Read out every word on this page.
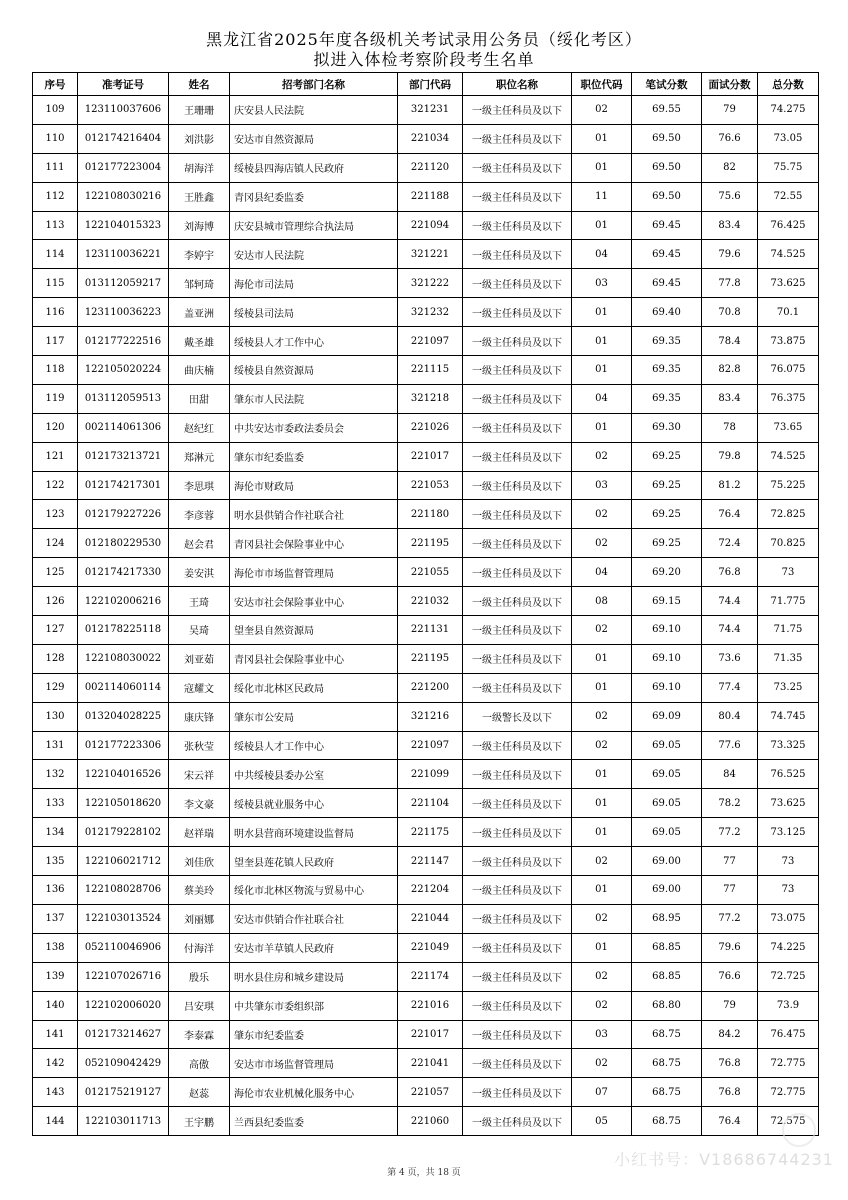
黑龙江省2025年度各级机关考试录用公务员（绥化考区）
拟进入体检考察阶段考生名单
序号	准考证号	姓名	招考部门名称	部门代码	职位名称	职位代码	笔试分数	面试分数	总分数
109	123110037606	王珊珊	庆安县人民法院	321231	一级主任科员及以下	02	69.55	79	74.275
110	012174216404	刘洪影	安达市自然资源局	221034	一级主任科员及以下	01	69.50	76.6	73.05
111	012177223004	胡海洋	绥棱县四海店镇人民政府	221120	一级主任科员及以下	01	69.50	82	75.75
112	122108030216	王胜鑫	青冈县纪委监委	221188	一级主任科员及以下	11	69.50	75.6	72.55
113	122104015323	刘海博	庆安县城市管理综合执法局	221094	一级主任科员及以下	01	69.45	83.4	76.425
114	123110036221	李婷宇	安达市人民法院	321221	一级主任科员及以下	04	69.45	79.6	74.525
115	013112059217	邹轲琦	海伦市司法局	321222	一级主任科员及以下	03	69.45	77.8	73.625
116	123110036223	盖亚洲	绥棱县司法局	321232	一级主任科员及以下	01	69.40	70.8	70.1
117	012177222516	戴圣雄	绥棱县人才工作中心	221097	一级主任科员及以下	01	69.35	78.4	73.875
118	122105020224	曲庆楠	绥棱县自然资源局	221115	一级主任科员及以下	01	69.35	82.8	76.075
119	013112059513	田甜	肇东市人民法院	321218	一级主任科员及以下	04	69.35	83.4	76.375
120	002114061306	赵纪红	中共安达市委政法委员会	221026	一级主任科员及以下	01	69.30	78	73.65
121	012173213721	郑淋元	肇东市纪委监委	221017	一级主任科员及以下	02	69.25	79.8	74.525
122	012174217301	李思琪	海伦市财政局	221053	一级主任科员及以下	03	69.25	81.2	75.225
123	012179227226	李彦蓉	明水县供销合作社联合社	221180	一级主任科员及以下	02	69.25	76.4	72.825
124	012180229530	赵会君	青冈县社会保险事业中心	221195	一级主任科员及以下	02	69.25	72.4	70.825
125	012174217330	姜安淇	海伦市市场监督管理局	221055	一级主任科员及以下	04	69.20	76.8	73
126	122102006216	王琦	安达市社会保险事业中心	221032	一级主任科员及以下	08	69.15	74.4	71.775
127	012178225118	吴琦	望奎县自然资源局	221131	一级主任科员及以下	02	69.10	74.4	71.75
128	122108030022	刘亚茹	青冈县社会保险事业中心	221195	一级主任科员及以下	01	69.10	73.6	71.35
129	002114060114	寇耀文	绥化市北林区民政局	221200	一级主任科员及以下	01	69.10	77.4	73.25
130	013204028225	康庆锋	肇东市公安局	321216	一级警长及以下	02	69.09	80.4	74.745
131	012177223306	张秋莹	绥棱县人才工作中心	221097	一级主任科员及以下	02	69.05	77.6	73.325
132	122104016526	宋云祥	中共绥棱县委办公室	221099	一级主任科员及以下	01	69.05	84	76.525
133	122105018620	李文豪	绥棱县就业服务中心	221104	一级主任科员及以下	01	69.05	78.2	73.625
134	012179228102	赵祥瑞	明水县营商环境建设监督局	221175	一级主任科员及以下	01	69.05	77.2	73.125
135	122106021712	刘佳欣	望奎县莲花镇人民政府	221147	一级主任科员及以下	02	69.00	77	73
136	122108028706	蔡美玲	绥化市北林区物流与贸易中心	221204	一级主任科员及以下	01	69.00	77	73
137	122103013524	刘丽娜	安达市供销合作社联合社	221044	一级主任科员及以下	02	68.95	77.2	73.075
138	052110046906	付海洋	安达市羊草镇人民政府	221049	一级主任科员及以下	01	68.85	79.6	74.225
139	122107026716	殷乐	明水县住房和城乡建设局	221174	一级主任科员及以下	02	68.85	76.6	72.725
140	122102006020	吕安琪	中共肇东市委组织部	221016	一级主任科员及以下	02	68.80	79	73.9
141	012173214627	李泰霖	肇东市纪委监委	221017	一级主任科员及以下	03	68.75	84.2	76.475
142	052109042429	高傲	安达市市场监督管理局	221041	一级主任科员及以下	02	68.75	76.8	72.775
143	012175219127	赵蕊	海伦市农业机械化服务中心	221057	一级主任科员及以下	07	68.75	76.8	72.775
144	122103011713	王宇鹏	兰西县纪委监委	221060	一级主任科员及以下	05	68.75	76.4	72.575
第 4 页，共 18 页
小红书号：V18686744231
